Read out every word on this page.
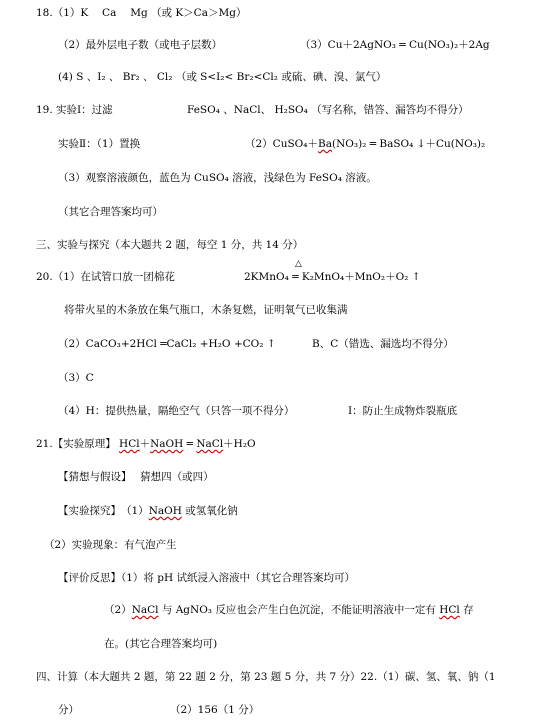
18.（1）K　 Ca　 Mg （或 K＞Ca＞Mg）
（2）最外层电子数（或电子层数）	（3）Cu＋2AgNO₃ ═ Cu(NO₃)₂＋2Ag
(4) S 、I₂ 、 Br₂ 、 Cl₂ （或 S<I₂< Br₂<Cl₂ 或硫、碘、溴、氯气）
19. 实验Ⅰ：过滤	FeSO₄ 、NaCl、 H₂SO₄ （写名称，错答、漏答均不得分）
实验Ⅱ：（1）置换	（2）CuSO₄＋Ba(NO₃)₂ ═ BaSO₄ ↓＋Cu(NO₃)₂
（3）观察溶液颜色，蓝色为 CuSO₄ 溶液，浅绿色为 FeSO₄ 溶液。
（其它合理答案均可）
三、实验与探究（本大题共 2 题，每空 1 分，共 14 分）
20.（1）在试管口放一团棉花
△
2KMnO₄ ═ K₂MnO₄＋MnO₂＋O₂ ↑
将带火星的木条放在集气瓶口，木条复燃，证明氧气已收集满
（2）CaCO₃+2HCl ═CaCl₂ +H₂O +CO₂ ↑	B、C（错选、漏选均不得分）
（3）C
（4）H：提供热量，隔绝空气（只答一项不得分）	I：防止生成物炸裂瓶底
21.【实验原理】 HCl＋NaOH ═ NaCl＋H₂O
【猜想与假设】　 猜想四（或四）
【实验探究】　（1）NaOH 或氢氧化钠
（2）实验现象：有气泡产生
【评价反思】（1）将 pH 试纸浸入溶液中（其它合理答案均可）
（2）NaCl 与 AgNO₃ 反应也会产生白色沉淀，不能证明溶液中一定有 HCl 存
在。(其它合理答案均可)
四、计算（本大题共 2 题，第 22 题 2 分，第 23 题 5 分，共 7 分）22.（1）碳、氢、氧、钠（1
分）	（2）156（1 分）
